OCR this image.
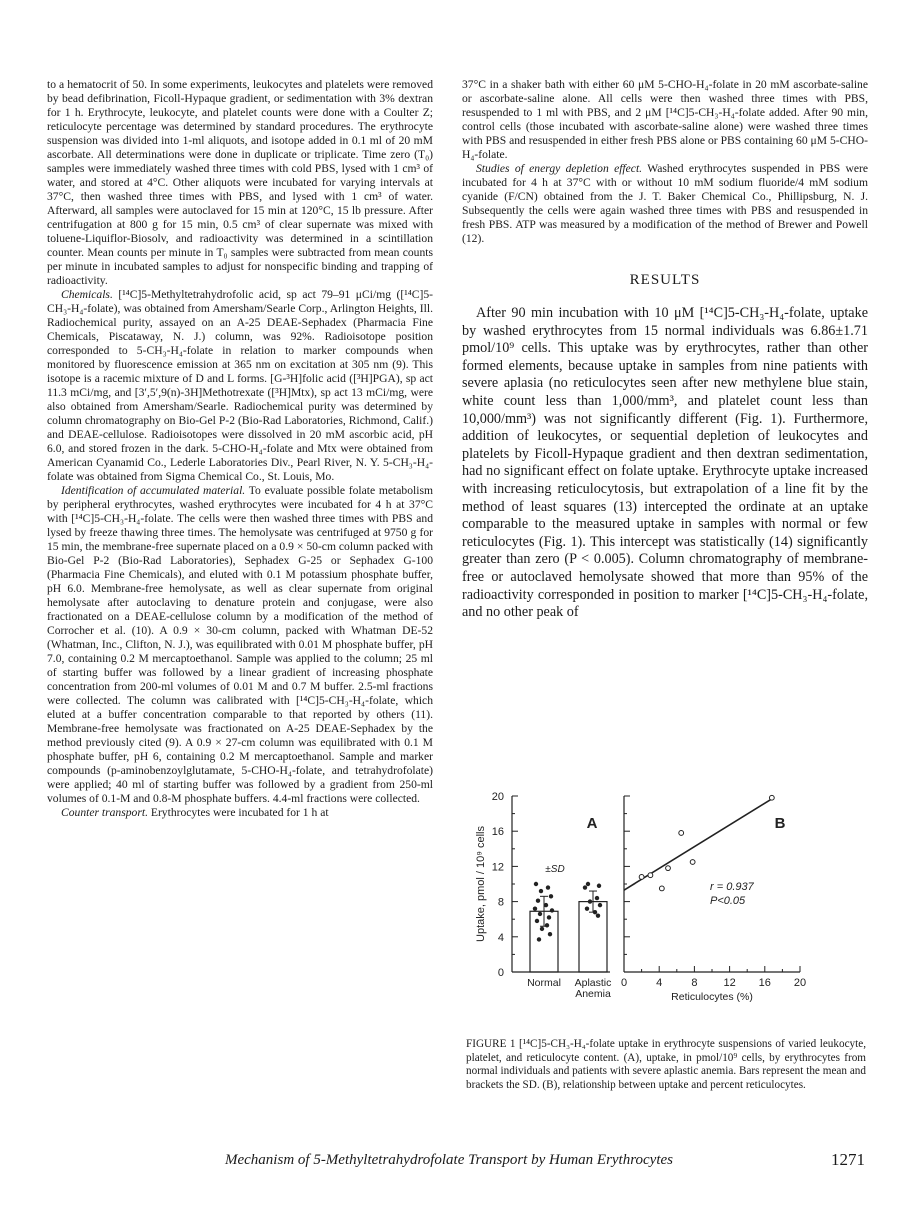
to a hematocrit of 50. In some experiments, leukocytes and platelets were removed by bead defibrination, Ficoll-Hypaque gradient, or sedimentation with 3% dextran for 1 h. Erythrocyte, leukocyte, and platelet counts were done with a Coulter Z; reticulocyte percentage was determined by standard procedures. The erythrocyte suspension was divided into 1-ml aliquots, and isotope added in 0.1 ml of 20 mM ascorbate. All determinations were done in duplicate or triplicate. Time zero (T₀) samples were immediately washed three times with cold PBS, lysed with 1 cm³ of water, and stored at 4°C. Other aliquots were incubated for varying intervals at 37°C, then washed three times with PBS, and lysed with 1 cm³ of water. Afterward, all samples were autoclaved for 15 min at 120°C, 15 lb pressure. After centrifugation at 800 g for 15 min, 0.5 cm³ of clear supernate was mixed with toluene-Liquiflor-Biosolv, and radioactivity was determined in a scintillation counter. Mean counts per minute in T₀ samples were subtracted from mean counts per minute in incubated samples to adjust for nonspecific binding and trapping of radioactivity.

Chemicals. [¹⁴C]5-Methyltetrahydrofolic acid, sp act 79–91 μCi/mg ([¹⁴C]5-CH₃-H₄-folate), was obtained from Amersham/Searle Corp., Arlington Heights, Ill. Radiochemical purity, assayed on an A-25 DEAE-Sephadex (Pharmacia Fine Chemicals, Piscataway, N. J.) column, was 92%. Radioisotope position corresponded to 5-CH₃-H₄-folate in relation to marker compounds when monitored by fluorescence emission at 365 nm on excitation at 305 nm (9). This isotope is a racemic mixture of D and L forms. [G-³H]folic acid ([³H]PGA), sp act 11.3 mCi/mg, and [3′,5′,9(n)-3H]Methotrexate ([³H]Mtx), sp act 13 mCi/mg, were also obtained from Amersham/Searle. Radiochemical purity was determined by column chromatography on Bio-Gel P-2 (Bio-Rad Laboratories, Richmond, Calif.) and DEAE-cellulose. Radioisotopes were dissolved in 20 mM ascorbic acid, pH 6.0, and stored frozen in the dark. 5-CHO-H₄-folate and Mtx were obtained from American Cyanamid Co., Lederle Laboratories Div., Pearl River, N. Y. 5-CH₃-H₄-folate was obtained from Sigma Chemical Co., St. Louis, Mo.

Identification of accumulated material. To evaluate possible folate metabolism by peripheral erythrocytes, washed erythrocytes were incubated for 4 h at 37°C with [¹⁴C]5-CH₃-H₄-folate. The cells were then washed three times with PBS and lysed by freeze thawing three times. The hemolysate was centrifuged at 9750 g for 15 min, the membrane-free supernate placed on a 0.9 × 50-cm column packed with Bio-Gel P-2 (Bio-Rad Laboratories), Sephadex G-25 or Sephadex G-100 (Pharmacia Fine Chemicals), and eluted with 0.1 M potassium phosphate buffer, pH 6.0. Membrane-free hemolysate, as well as clear supernate from original hemolysate after autoclaving to denature protein and conjugase, were also fractionated on a DEAE-cellulose column by a modification of the method of Corrocher et al. (10). A 0.9 × 30-cm column, packed with Whatman DE-52 (Whatman, Inc., Clifton, N. J.), was equilibrated with 0.01 M phosphate buffer, pH 7.0, containing 0.2 M mercaptoethanol. Sample was applied to the column; 25 ml of starting buffer was followed by a linear gradient of increasing phosphate concentration from 200-ml volumes of 0.01 M and 0.7 M buffer. 2.5-ml fractions were collected. The column was calibrated with [¹⁴C]5-CH₃-H₄-folate, which eluted at a buffer concentration comparable to that reported by others (11). Membrane-free hemolysate was fractionated on A-25 DEAE-Sephadex by the method previously cited (9). A 0.9 × 27-cm column was equilibrated with 0.1 M phosphate buffer, pH 6, containing 0.2 M mercaptoethanol. Sample and marker compounds (p-aminobenzoylglutamate, 5-CHO-H₄-folate, and tetrahydrofolate) were applied; 40 ml of starting buffer was followed by a gradient from 250-ml volumes of 0.1-M and 0.8-M phosphate buffers. 4.4-ml fractions were collected.

Counter transport. Erythrocytes were incubated for 1 h at

37°C in a shaker bath with either 60 μM 5-CHO-H₄-folate in 20 mM ascorbate-saline or ascorbate-saline alone. All cells were then washed three times with PBS, resuspended to 1 ml with PBS, and 2 μM [¹⁴C]5-CH₃-H₄-folate added. After 90 min, control cells (those incubated with ascorbate-saline alone) were washed three times with PBS and resuspended in either fresh PBS alone or PBS containing 60 μM 5-CHO-H₄-folate.

Studies of energy depletion effect. Washed erythrocytes suspended in PBS were incubated for 4 h at 37°C with or without 10 mM sodium fluoride/4 mM sodium cyanide (F/CN) obtained from the J. T. Baker Chemical Co., Phillipsburg, N. J. Subsequently the cells were again washed three times with PBS and resuspended in fresh PBS. ATP was measured by a modification of the method of Brewer and Powell (12).

RESULTS

After 90 min incubation with 10 μM [¹⁴C]5-CH₃-H₄-folate, uptake by washed erythrocytes from 15 normal individuals was 6.86±1.71 pmol/10⁹ cells. This uptake was by erythrocytes, rather than other formed elements, because uptake in samples from nine patients with severe aplasia (no reticulocytes seen after new methylene blue stain, white count less than 1,000/mm³, and platelet count less than 10,000/mm³) was not significantly different (Fig. 1). Furthermore, addition of leukocytes, or sequential depletion of leukocytes and platelets by Ficoll-Hypaque gradient and then dextran sedimentation, had no significant effect on folate uptake. Erythrocyte uptake increased with increasing reticulocytosis, but extrapolation of a line fit by the method of least squares (13) intercepted the ordinate at an uptake comparable to the measured uptake in samples with normal or few reticulocytes (Fig. 1). This intercept was statistically (14) significantly greater than zero (P < 0.005). Column chromatography of membrane-free or autoclaved hemolysate showed that more than 95% of the radioactivity corresponded in position to marker [¹⁴C]5-CH₃-H₄-folate, and no other peak of

0
4
8
12
16
20
Uptake, pmol / 10⁹ cells
A
Normal Aplastic
Anemia
±SD
0	4	8 12 16 20
Reticulocytes (%)
B
r = 0.937
P<0.05
FIGURE 1 [¹⁴C]5-CH₃-H₄-folate uptake in erythrocyte suspensions of varied leukocyte, platelet, and reticulocyte content. (A), uptake, in pmol/10⁹ cells, by erythrocytes from normal individuals and patients with severe aplastic anemia. Bars represent the mean and brackets the SD. (B), relationship between uptake and percent reticulocytes.
Mechanism of 5-Methyltetrahydrofolate Transport by Human Erythrocytes	1271
